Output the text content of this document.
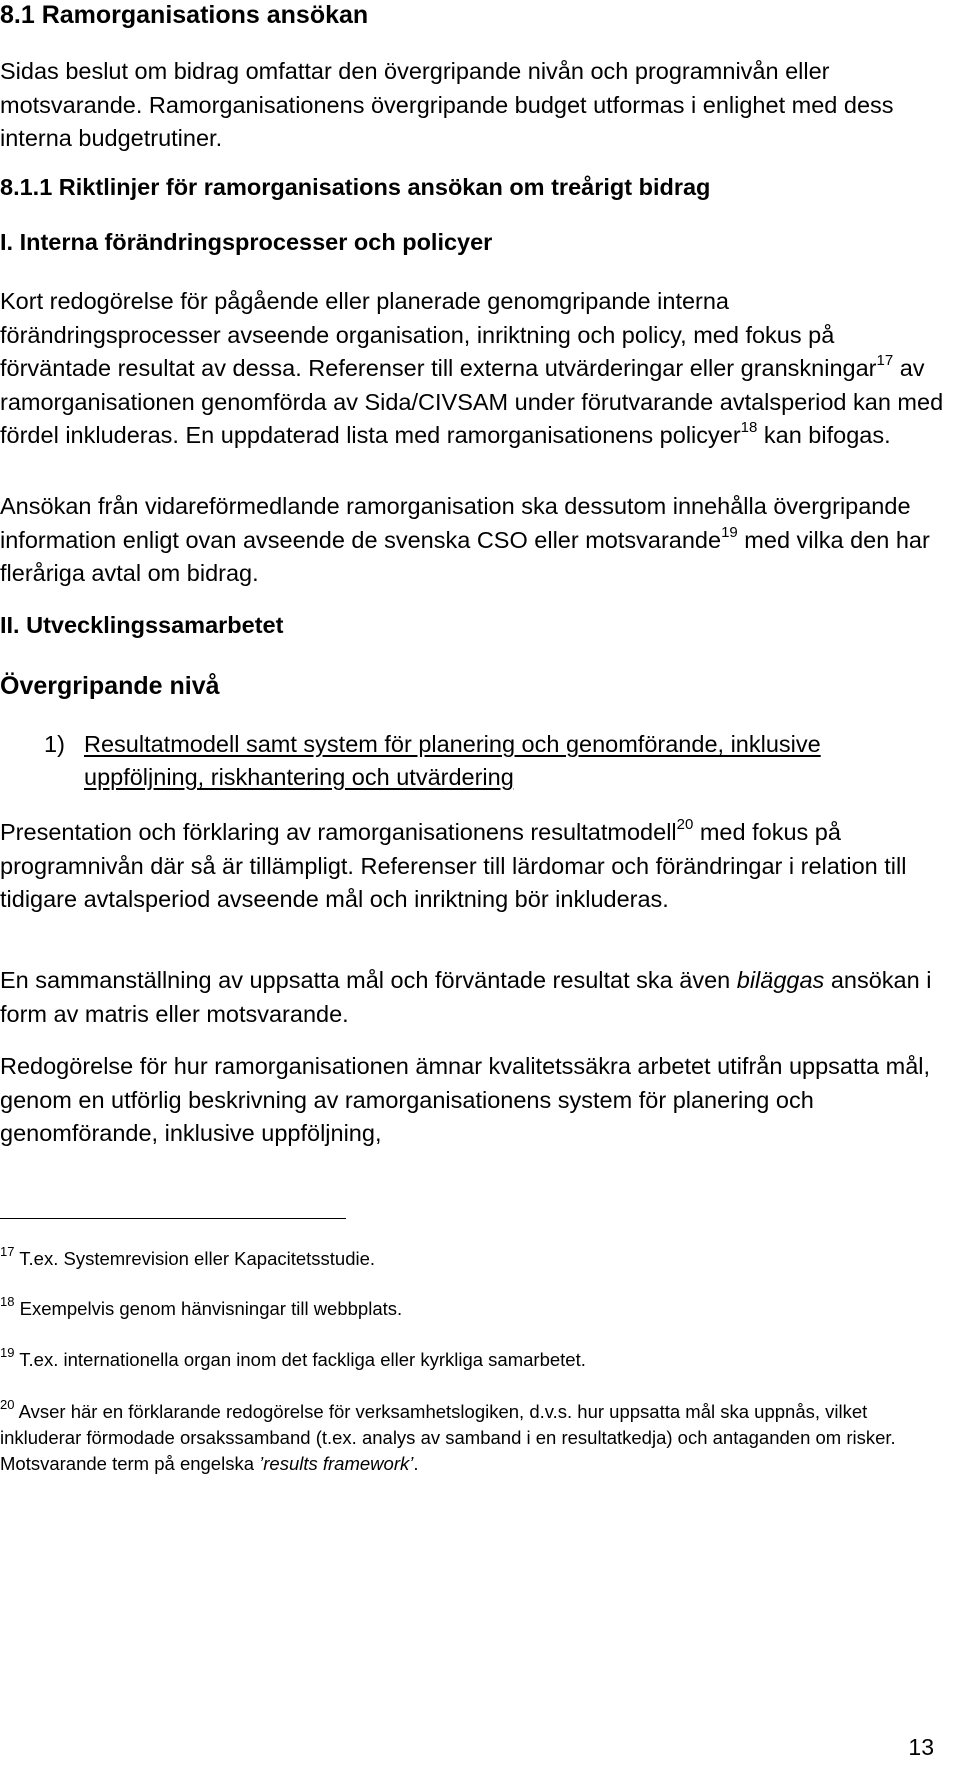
8.1 Ramorganisations ansökan

Sidas beslut om bidrag omfattar den övergripande nivån och programnivån eller motsvarande. Ramorganisationens övergripande budget utformas i enlighet med dess interna budgetrutiner.

8.1.1 Riktlinjer för ramorganisations ansökan om treårigt bidrag
I. Interna förändringsprocesser och policyer

Kort redogörelse för pågående eller planerade genomgripande interna förändringsprocesser avseende organisation, inriktning och policy, med fokus på förväntade resultat av dessa. Referenser till externa utvärderingar eller granskningar$^{17}$ av ramorganisationen genomförda av Sida/CIVSAM under förutvarande avtalsperiod kan med fördel inkluderas. En uppdaterad lista med ramorganisationens policyer$^{18}$ kan bifogas.

Ansökan från vidareförmedlande ramorganisation ska dessutom innehålla övergripande information enligt ovan avseende de svenska CSO eller motsvarande$^{19}$ med vilka den har fleråriga avtal om bidrag.

II. Utvecklingssamarbetet
Övergripande nivå
1) Resultatmodell samt system för planering och genomförande, inklusive uppföljning, riskhantering och utvärdering

Presentation och förklaring av ramorganisationens resultatmodell$^{20}$ med fokus på programnivån där så är tillämpligt. Referenser till lärdomar och förändringar i relation till tidigare avtalsperiod avseende mål och inriktning bör inkluderas.

En sammanställning av uppsatta mål och förväntade resultat ska även biläggas ansökan i form av matris eller motsvarande.

Redogörelse för hur ramorganisationen ämnar kvalitetssäkra arbetet utifrån uppsatta mål, genom en utförlig beskrivning av ramorganisationens system för planering och genomförande, inklusive uppföljning,

$^{17}$ T.ex. Systemrevision eller Kapacitetsstudie.
$^{18}$ Exempelvis genom hänvisningar till webbplats.
$^{19}$ T.ex. internationella organ inom det fackliga eller kyrkliga samarbetet.
$^{20}$ Avser här en förklarande redogörelse för verksamhetslogiken, d.v.s. hur uppsatta mål ska uppnås, vilket inkluderar förmodade orsakssamband (t.ex. analys av samband i en resultatkedja) och antaganden om risker. Motsvarande term på engelska ’results framework’.
13
